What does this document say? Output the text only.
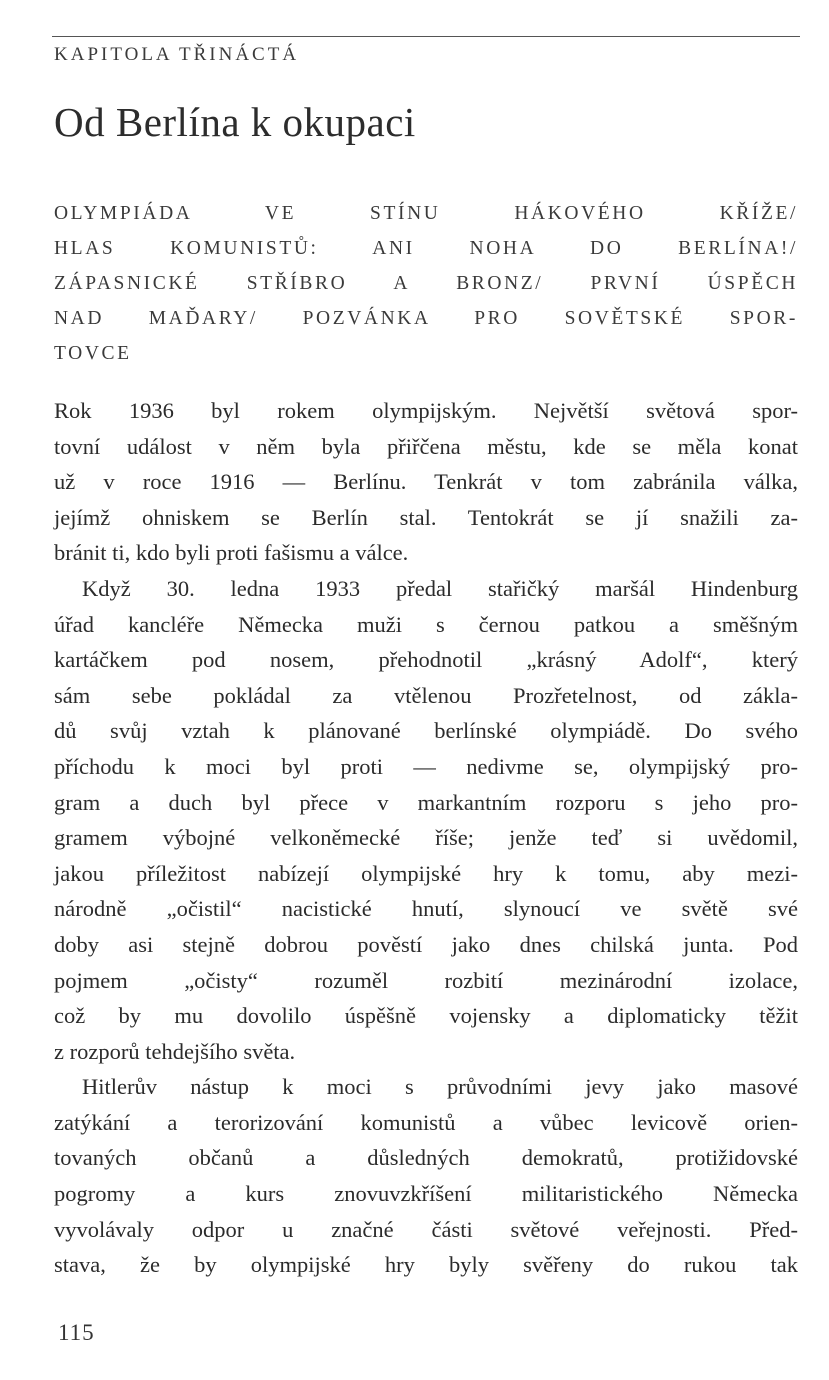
KAPITOLA TŘINÁCTÁ
Od Berlína k okupaci
OLYMPIÁDA VE STÍNU HÁKOVÉHO KŘÍŽE/
HLAS KOMUNISTŮ: ANI NOHA DO BERLÍNA!/
ZÁPASNICKÉ STŘÍBRO A BRONZ/ PRVNÍ ÚSPĚCH
NAD MAĎARY/ POZVÁNKA PRO SOVĚTSKÉ SPOR-
TOVCE
Rok 1936 byl rokem olympijským. Největší světová spor-
tovní událost v něm byla přiřčena městu, kde se měla konat
už v roce 1916 — Berlínu. Tenkrát v tom zabránila válka,
jejímž ohniskem se Berlín stal. Tentokrát se jí snažili za-
bránit ti, kdo byli proti fašismu a válce.
Když 30. ledna 1933 předal stařičký maršál Hindenburg
úřad kancléře Německa muži s černou patkou a směšným
kartáčkem pod nosem, přehodnotil „krásný Adolf“, který
sám sebe pokládal za vtělenou Prozřetelnost, od zákla-
dů svůj vztah k plánované berlínské olympiádě. Do svého
příchodu k moci byl proti — nedivme se, olympijský pro-
gram a duch byl přece v markantním rozporu s jeho pro-
gramem výbojné velkoněmecké říše; jenže teď si uvědomil,
jakou příležitost nabízejí olympijské hry k tomu, aby mezi-
národně „očistil“ nacistické hnutí, slynoucí ve světě své
doby asi stejně dobrou pověstí jako dnes chilská junta. Pod
pojmem „očisty“ rozuměl rozbití mezinárodní izolace,
což by mu dovolilo úspěšně vojensky a diplomaticky těžit
z rozporů tehdejšího světa.
Hitlerův nástup k moci s průvodními jevy jako masové
zatýkání a terorizování komunistů a vůbec levicově orien-
tovaných občanů a důsledných demokratů, protižidovské
pogromy a kurs znovuvzkříšení militaristického Německa
vyvolávaly odpor u značné části světové veřejnosti. Před-
stava, že by olympijské hry byly svěřeny do rukou tak
115
